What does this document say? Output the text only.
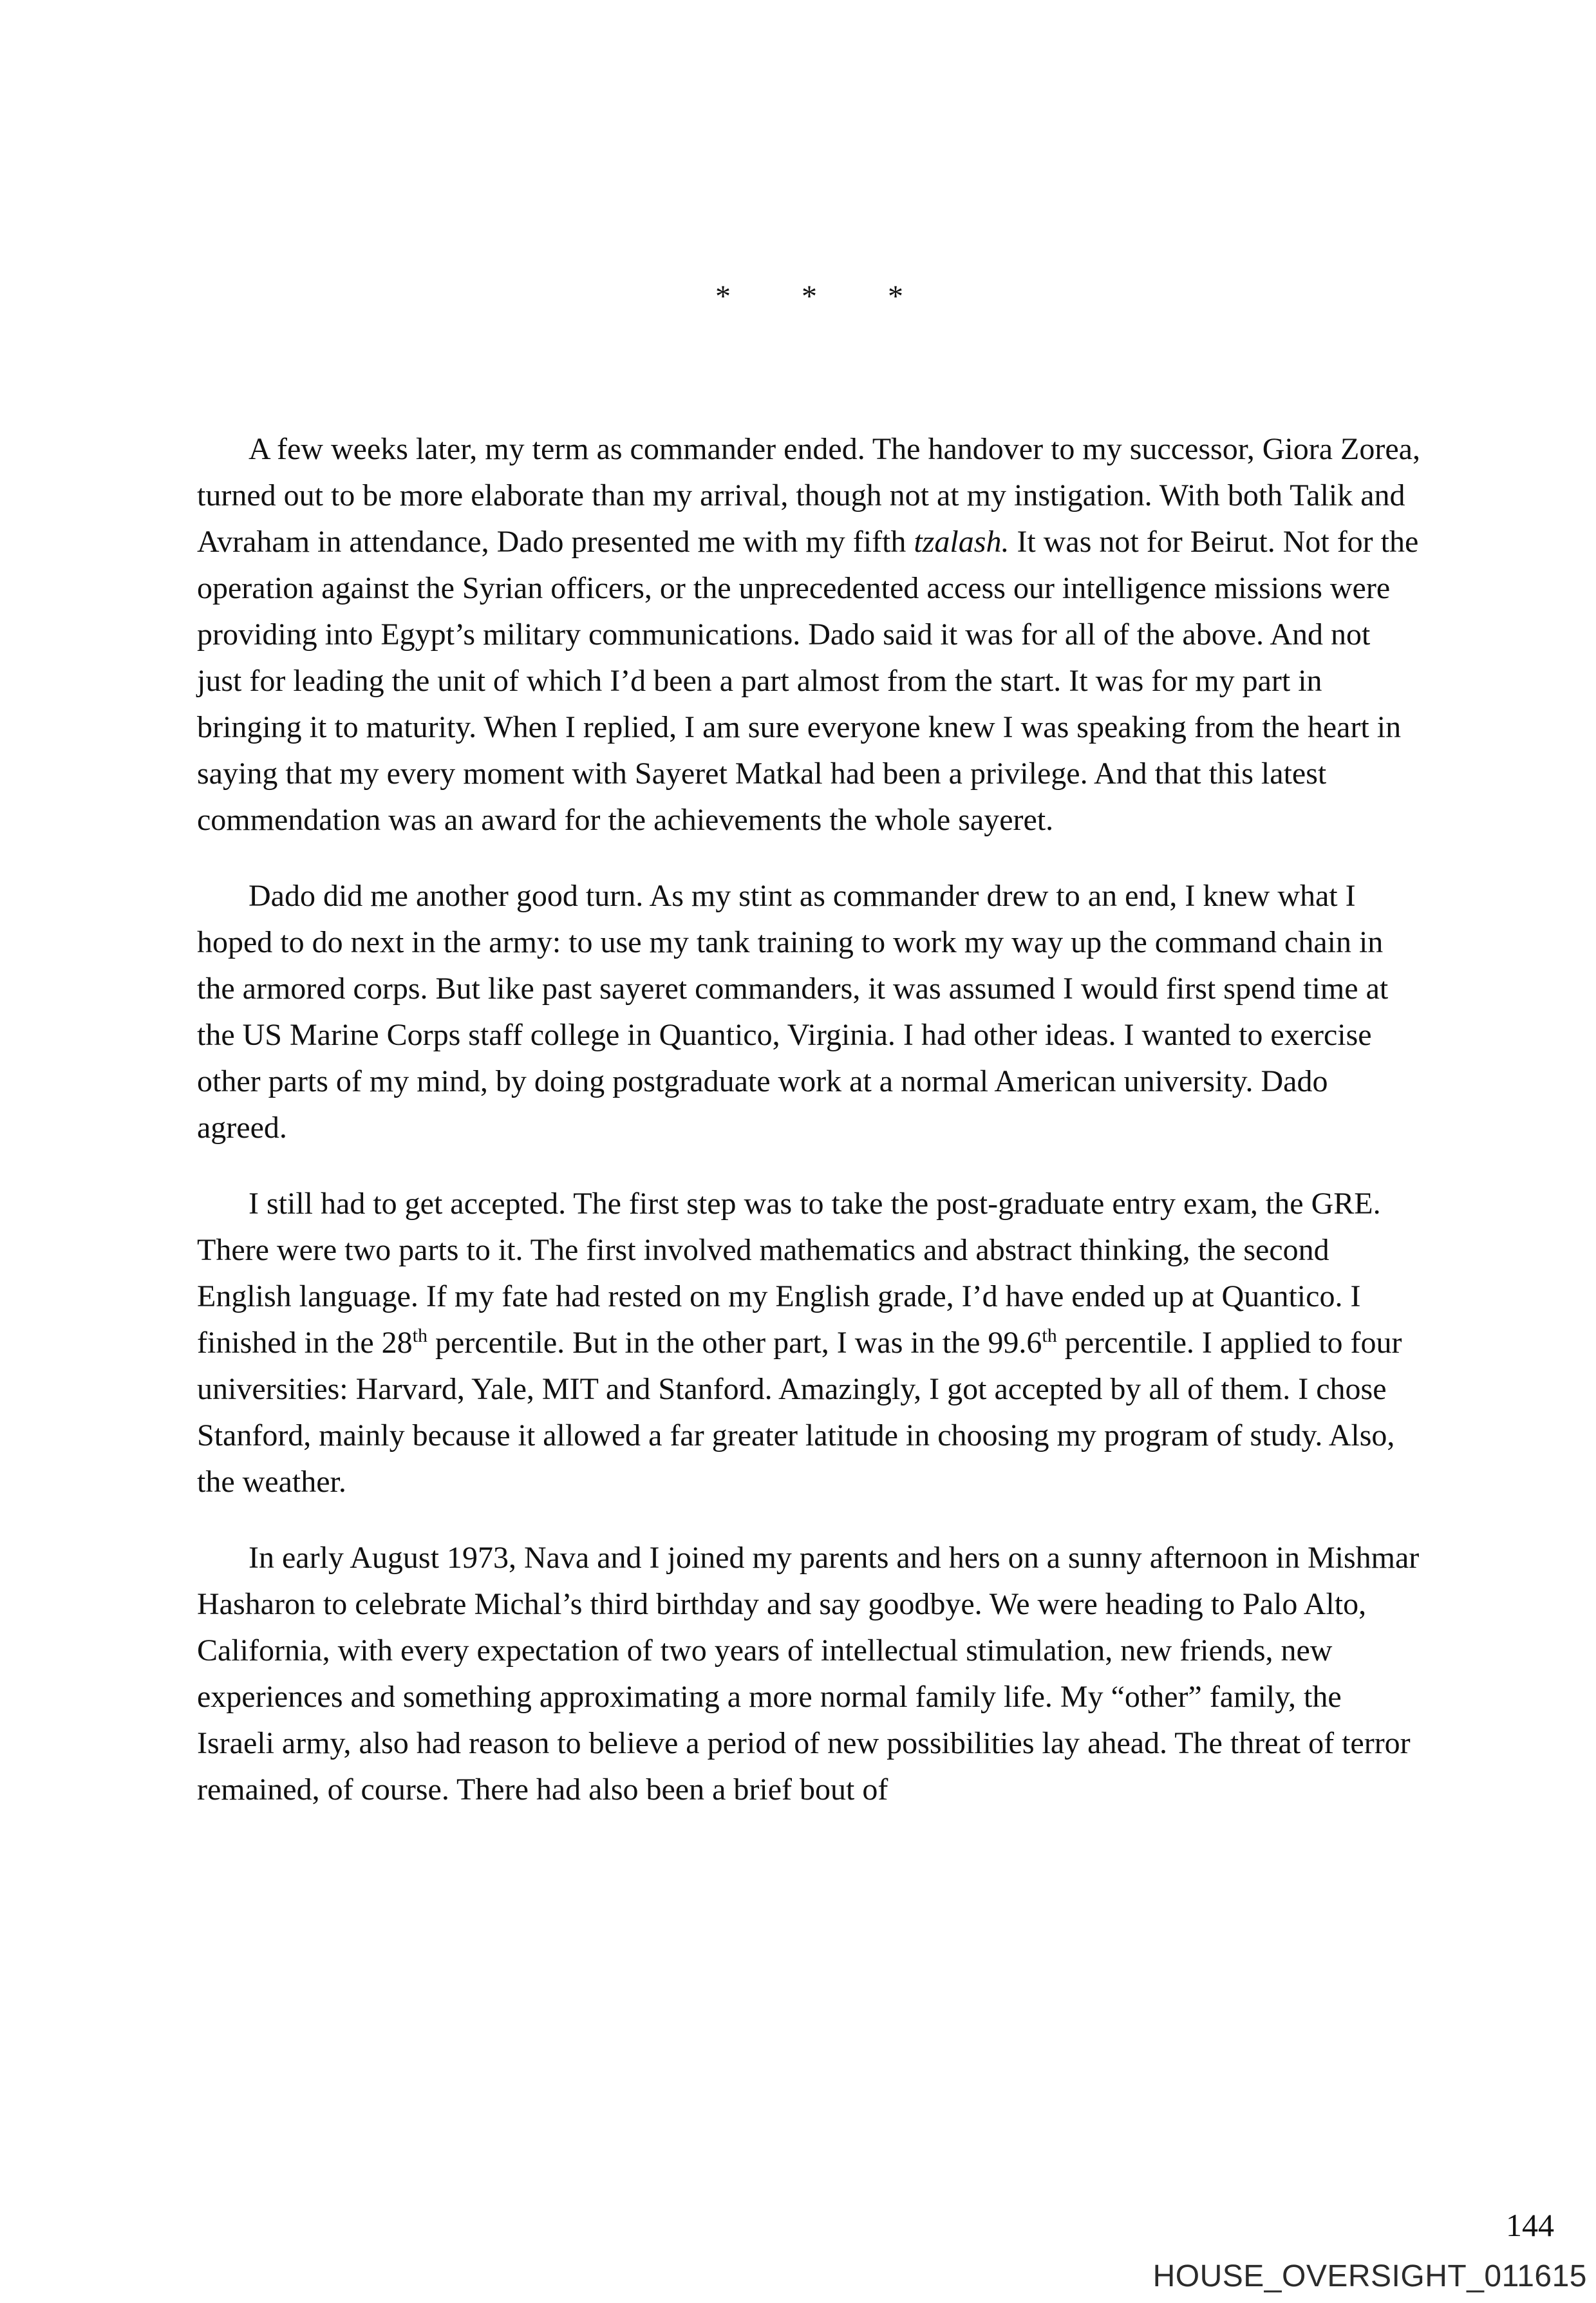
* * *

A few weeks later, my term as commander ended. The handover to my successor, Giora Zorea, turned out to be more elaborate than my arrival, though not at my instigation. With both Talik and Avraham in attendance, Dado presented me with my fifth tzalash. It was not for Beirut. Not for the operation against the Syrian officers, or the unprecedented access our intelligence missions were providing into Egypt’s military communications. Dado said it was for all of the above. And not just for leading the unit of which I’d been a part almost from the start. It was for my part in bringing it to maturity. When I replied, I am sure everyone knew I was speaking from the heart in saying that my every moment with Sayeret Matkal had been a privilege. And that this latest commendation was an award for the achievements the whole sayeret.

Dado did me another good turn. As my stint as commander drew to an end, I knew what I hoped to do next in the army: to use my tank training to work my way up the command chain in the armored corps. But like past sayeret commanders, it was assumed I would first spend time at the US Marine Corps staff college in Quantico, Virginia. I had other ideas. I wanted to exercise other parts of my mind, by doing postgraduate work at a normal American university. Dado agreed.

I still had to get accepted. The first step was to take the post-graduate entry exam, the GRE. There were two parts to it. The first involved mathematics and abstract thinking, the second English language. If my fate had rested on my English grade, I’d have ended up at Quantico. I finished in the 28th percentile. But in the other part, I was in the 99.6th percentile. I applied to four universities: Harvard, Yale, MIT and Stanford. Amazingly, I got accepted by all of them. I chose Stanford, mainly because it allowed a far greater latitude in choosing my program of study. Also, the weather.

In early August 1973, Nava and I joined my parents and hers on a sunny afternoon in Mishmar Hasharon to celebrate Michal’s third birthday and say goodbye. We were heading to Palo Alto, California, with every expectation of two years of intellectual stimulation, new friends, new experiences and something approximating a more normal family life. My “other” family, the Israeli army, also had reason to believe a period of new possibilities lay ahead. The threat of terror remained, of course. There had also been a brief bout of

144
HOUSE_OVERSIGHT_011615
